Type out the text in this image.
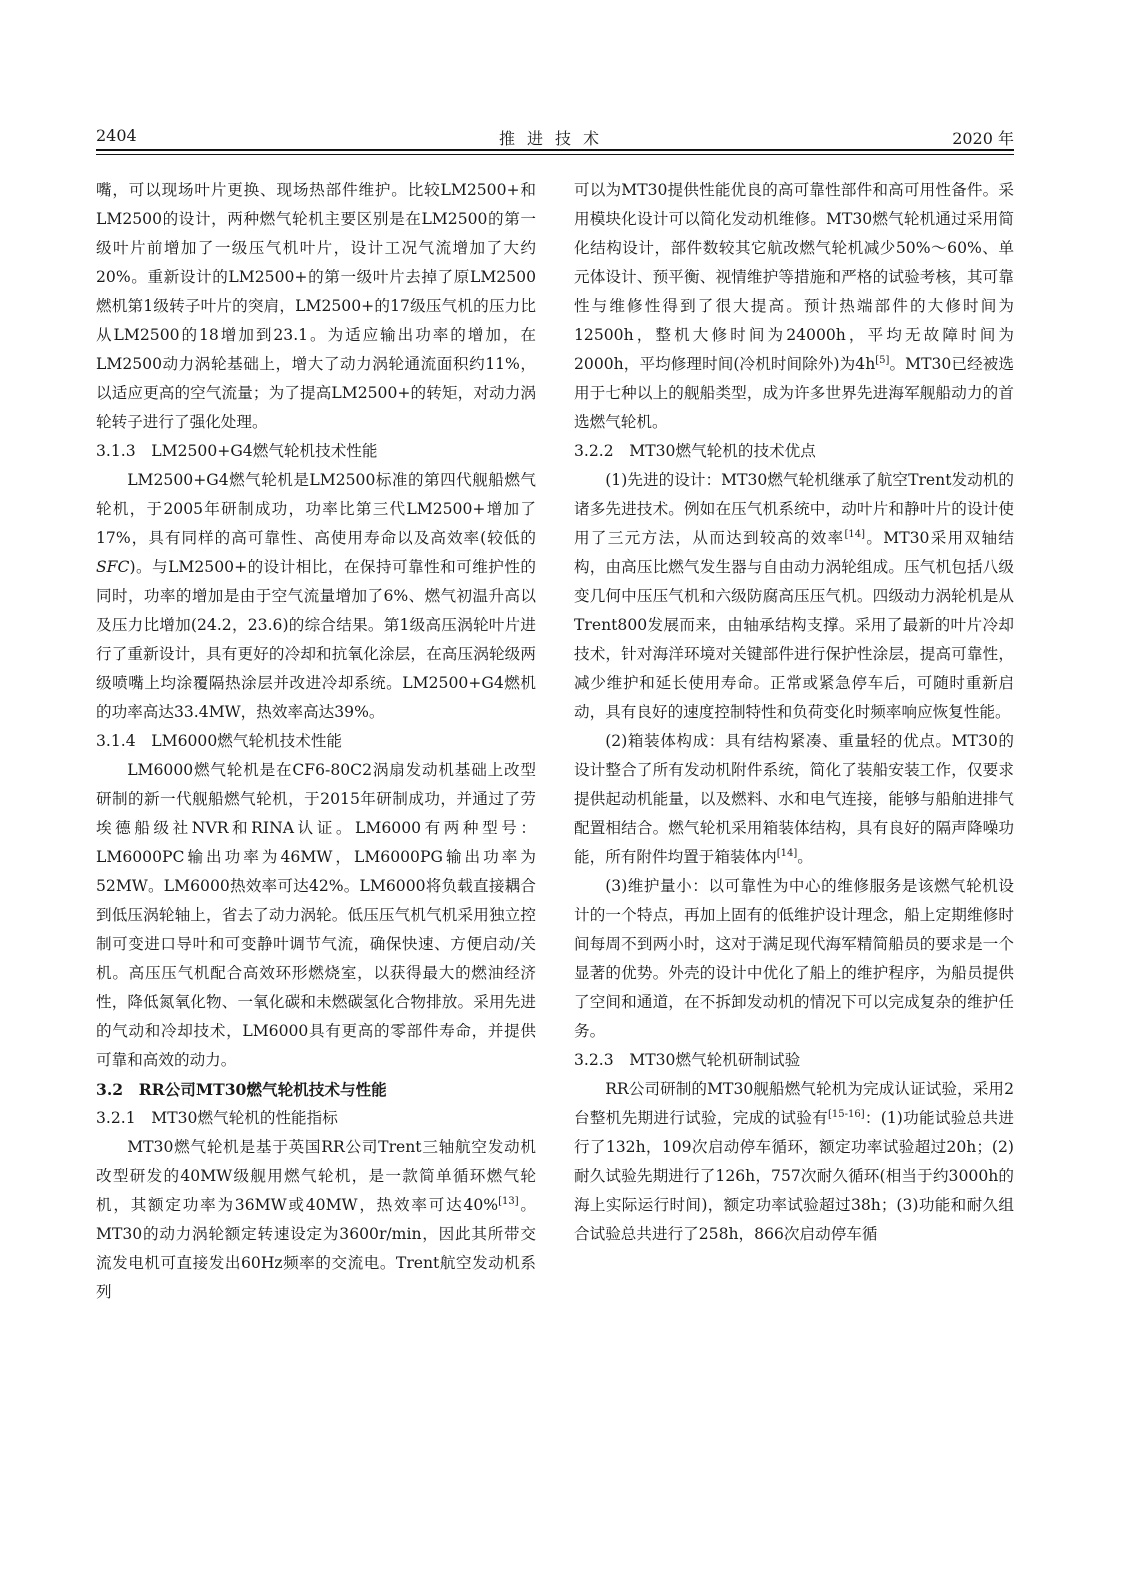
2404	推进技术	2020 年

嘴，可以现场叶片更换、现场热部件维护。比较LM2500+和LM2500的设计，两种燃气轮机主要区别是在LM2500的第一级叶片前增加了一级压气机叶片，设计工况气流增加了大约20%。重新设计的LM2500+的第一级叶片去掉了原LM2500燃机第1级转子叶片的突肩，LM2500+的17级压气机的压力比从LM2500的18增加到23.1。为适应输出功率的增加，在LM2500动力涡轮基础上，增大了动力涡轮通流面积约11%，以适应更高的空气流量；为了提高LM2500+的转矩，对动力涡轮转子进行了强化处理。

3.1.3　LM2500+G4燃气轮机技术性能

LM2500+G4燃气轮机是LM2500标准的第四代舰船燃气轮机，于2005年研制成功，功率比第三代LM2500+增加了17%，具有同样的高可靠性、高使用寿命以及高效率(较低的SFC)。与LM2500+的设计相比，在保持可靠性和可维护性的同时，功率的增加是由于空气流量增加了6%、燃气初温升高以及压力比增加(24.2，23.6)的综合结果。第1级高压涡轮叶片进行了重新设计，具有更好的冷却和抗氧化涂层，在高压涡轮级两级喷嘴上均涂覆隔热涂层并改进冷却系统。LM2500+G4燃机的功率高达33.4MW，热效率高达39%。

3.1.4　LM6000燃气轮机技术性能

LM6000燃气轮机是在CF6-80C2涡扇发动机基础上改型研制的新一代舰船燃气轮机，于2015年研制成功，并通过了劳埃德船级社NVR和RINA认证。LM6000有两种型号：LM6000PC输出功率为46MW，LM6000PG输出功率为52MW。LM6000热效率可达42%。LM6000将负载直接耦合到低压涡轮轴上，省去了动力涡轮。低压压气机气机采用独立控制可变进口导叶和可变静叶调节气流，确保快速、方便启动/关机。高压压气机配合高效环形燃烧室，以获得最大的燃油经济性，降低氮氧化物、一氧化碳和未燃碳氢化合物排放。采用先进的气动和冷却技术，LM6000具有更高的零部件寿命，并提供可靠和高效的动力。

3.2　RR公司MT30燃气轮机技术与性能

3.2.1　MT30燃气轮机的性能指标

MT30燃气轮机是基于英国RR公司Trent三轴航空发动机改型研发的40MW级舰用燃气轮机，是一款简单循环燃气轮机，其额定功率为36MW或40MW，热效率可达40%[13]。MT30的动力涡轮额定转速设定为3600r/min，因此其所带交流发电机可直接发出60Hz频率的交流电。Trent航空发动机系列

可以为MT30提供性能优良的高可靠性部件和高可用性备件。采用模块化设计可以简化发动机维修。MT30燃气轮机通过采用简化结构设计，部件数较其它航改燃气轮机减少50%～60%、单元体设计、预平衡、视情维护等措施和严格的试验考核，其可靠性与维修性得到了很大提高。预计热端部件的大修时间为12500h，整机大修时间为24000h，平均无故障时间为2000h，平均修理时间(冷机时间除外)为4h[5]。MT30已经被选用于七种以上的舰船类型，成为许多世界先进海军舰船动力的首选燃气轮机。

3.2.2　MT30燃气轮机的技术优点

(1)先进的设计：MT30燃气轮机继承了航空Trent发动机的诸多先进技术。例如在压气机系统中，动叶片和静叶片的设计使用了三元方法，从而达到较高的效率[14]。MT30采用双轴结构，由高压比燃气发生器与自由动力涡轮组成。压气机包括八级变几何中压压气机和六级防腐高压压气机。四级动力涡轮机是从Trent800发展而来，由轴承结构支撑。采用了最新的叶片冷却技术，针对海洋环境对关键部件进行保护性涂层，提高可靠性，减少维护和延长使用寿命。正常或紧急停车后，可随时重新启动，具有良好的速度控制特性和负荷变化时频率响应恢复性能。

(2)箱装体构成：具有结构紧凑、重量轻的优点。MT30的设计整合了所有发动机附件系统，简化了装船安装工作，仅要求提供起动机能量，以及燃料、水和电气连接，能够与船舶进排气配置相结合。燃气轮机采用箱装体结构，具有良好的隔声降噪功能，所有附件均置于箱装体内[14]。

(3)维护量小：以可靠性为中心的维修服务是该燃气轮机设计的一个特点，再加上固有的低维护设计理念，船上定期维修时间每周不到两小时，这对于满足现代海军精简船员的要求是一个显著的优势。外壳的设计中优化了船上的维护程序，为船员提供了空间和通道，在不拆卸发动机的情况下可以完成复杂的维护任务。

3.2.3　MT30燃气轮机研制试验

RR公司研制的MT30舰船燃气轮机为完成认证试验，采用2台整机先期进行试验，完成的试验有[15-16]：(1)功能试验总共进行了132h，109次启动停车循环，额定功率试验超过20h；(2)耐久试验先期进行了126h，757次耐久循环(相当于约3000h的海上实际运行时间)，额定功率试验超过38h；(3)功能和耐久组合试验总共进行了258h，866次启动停车循
